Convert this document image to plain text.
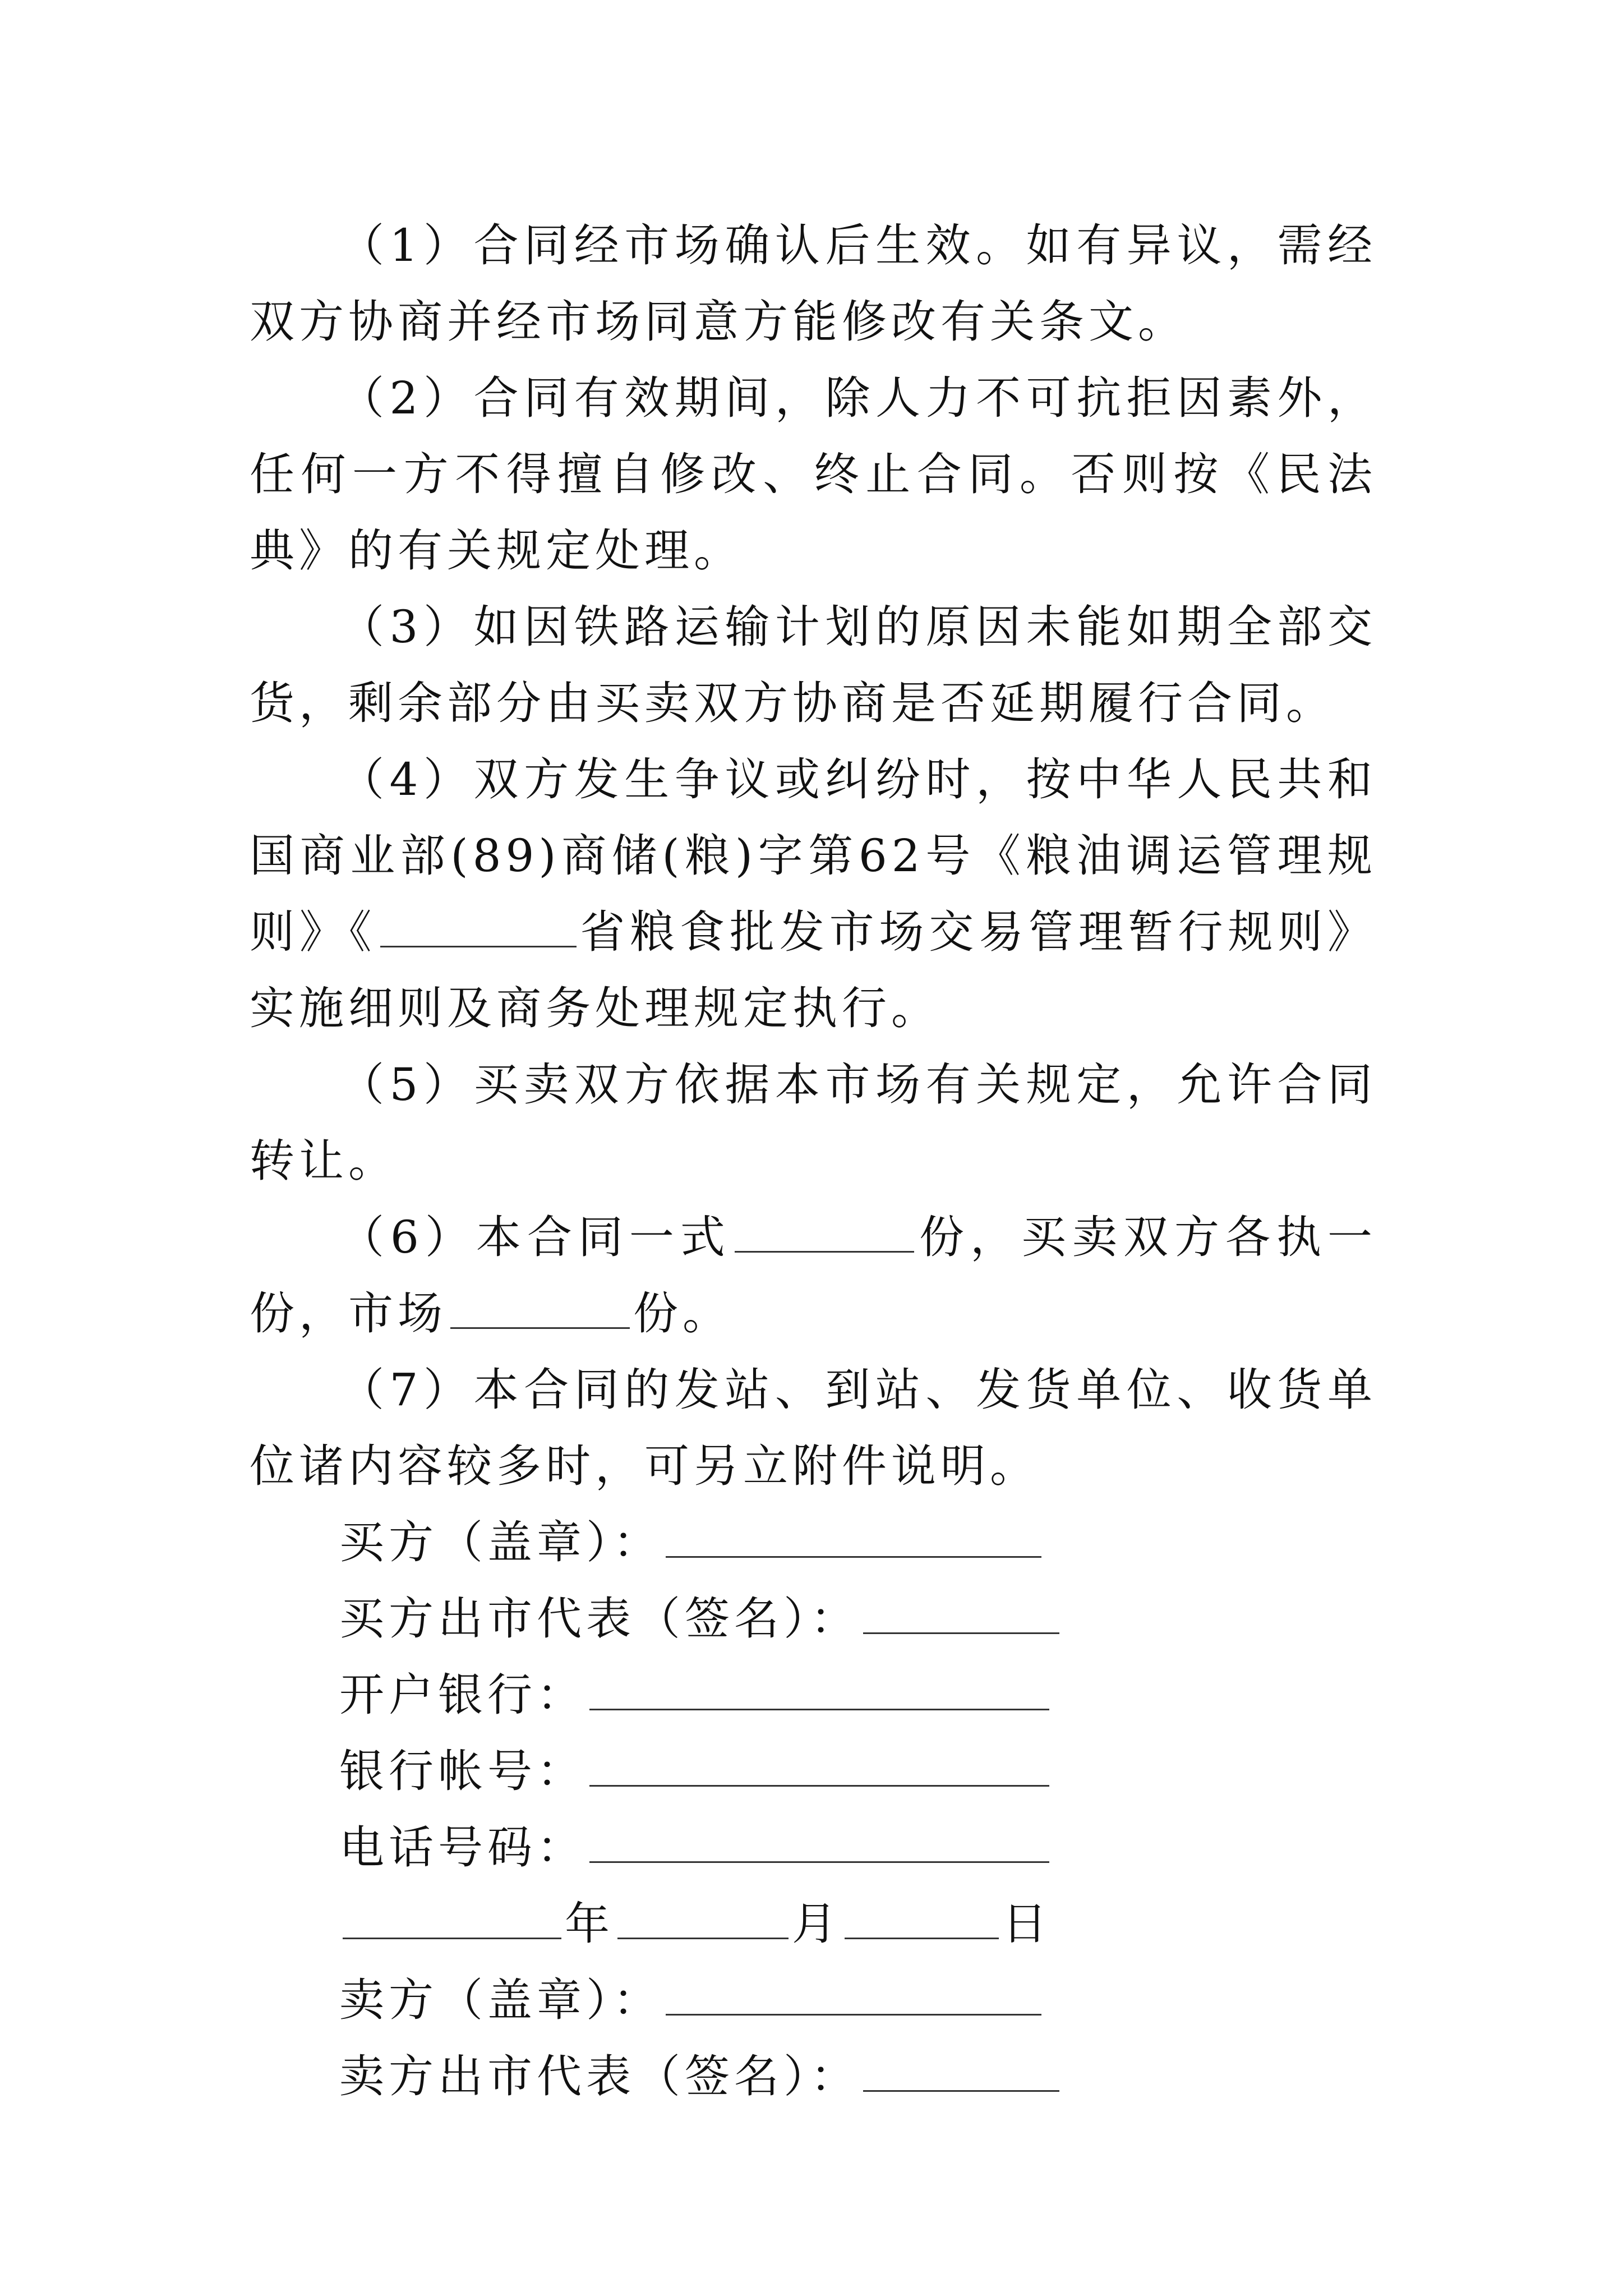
（1）合同经市场确认后生效。如有异议，需经双方协商并经市场同意方能修改有关条文。

（2）合同有效期间，除人力不可抗拒因素外，任何一方不得擅自修改、终止合同。否则按《民法典》的有关规定处理。

（3）如因铁路运输计划的原因未能如期全部交货，剩余部分由买卖双方协商是否延期履行合同。

（4）双方发生争议或纠纷时，按中华人民共和国商业部(89)商储(粮)字第62号《粮油调运管理规则》《	省粮食批发市场交易管理暂行规则》实施细则及商务处理规定执行。

（5）买卖双方依据本市场有关规定，允许合同转让。

（6）本合同一式	份，买卖双方各执一份，市场	份。

（7）本合同的发站、到站、发货单位、收货单位诸内容较多时，可另立附件说明。

买方（盖章）：

买方出市代表（签名）：

开户银行：

银行帐号：

电话号码：

年	月	日

卖方（盖章）：

卖方出市代表（签名）：
